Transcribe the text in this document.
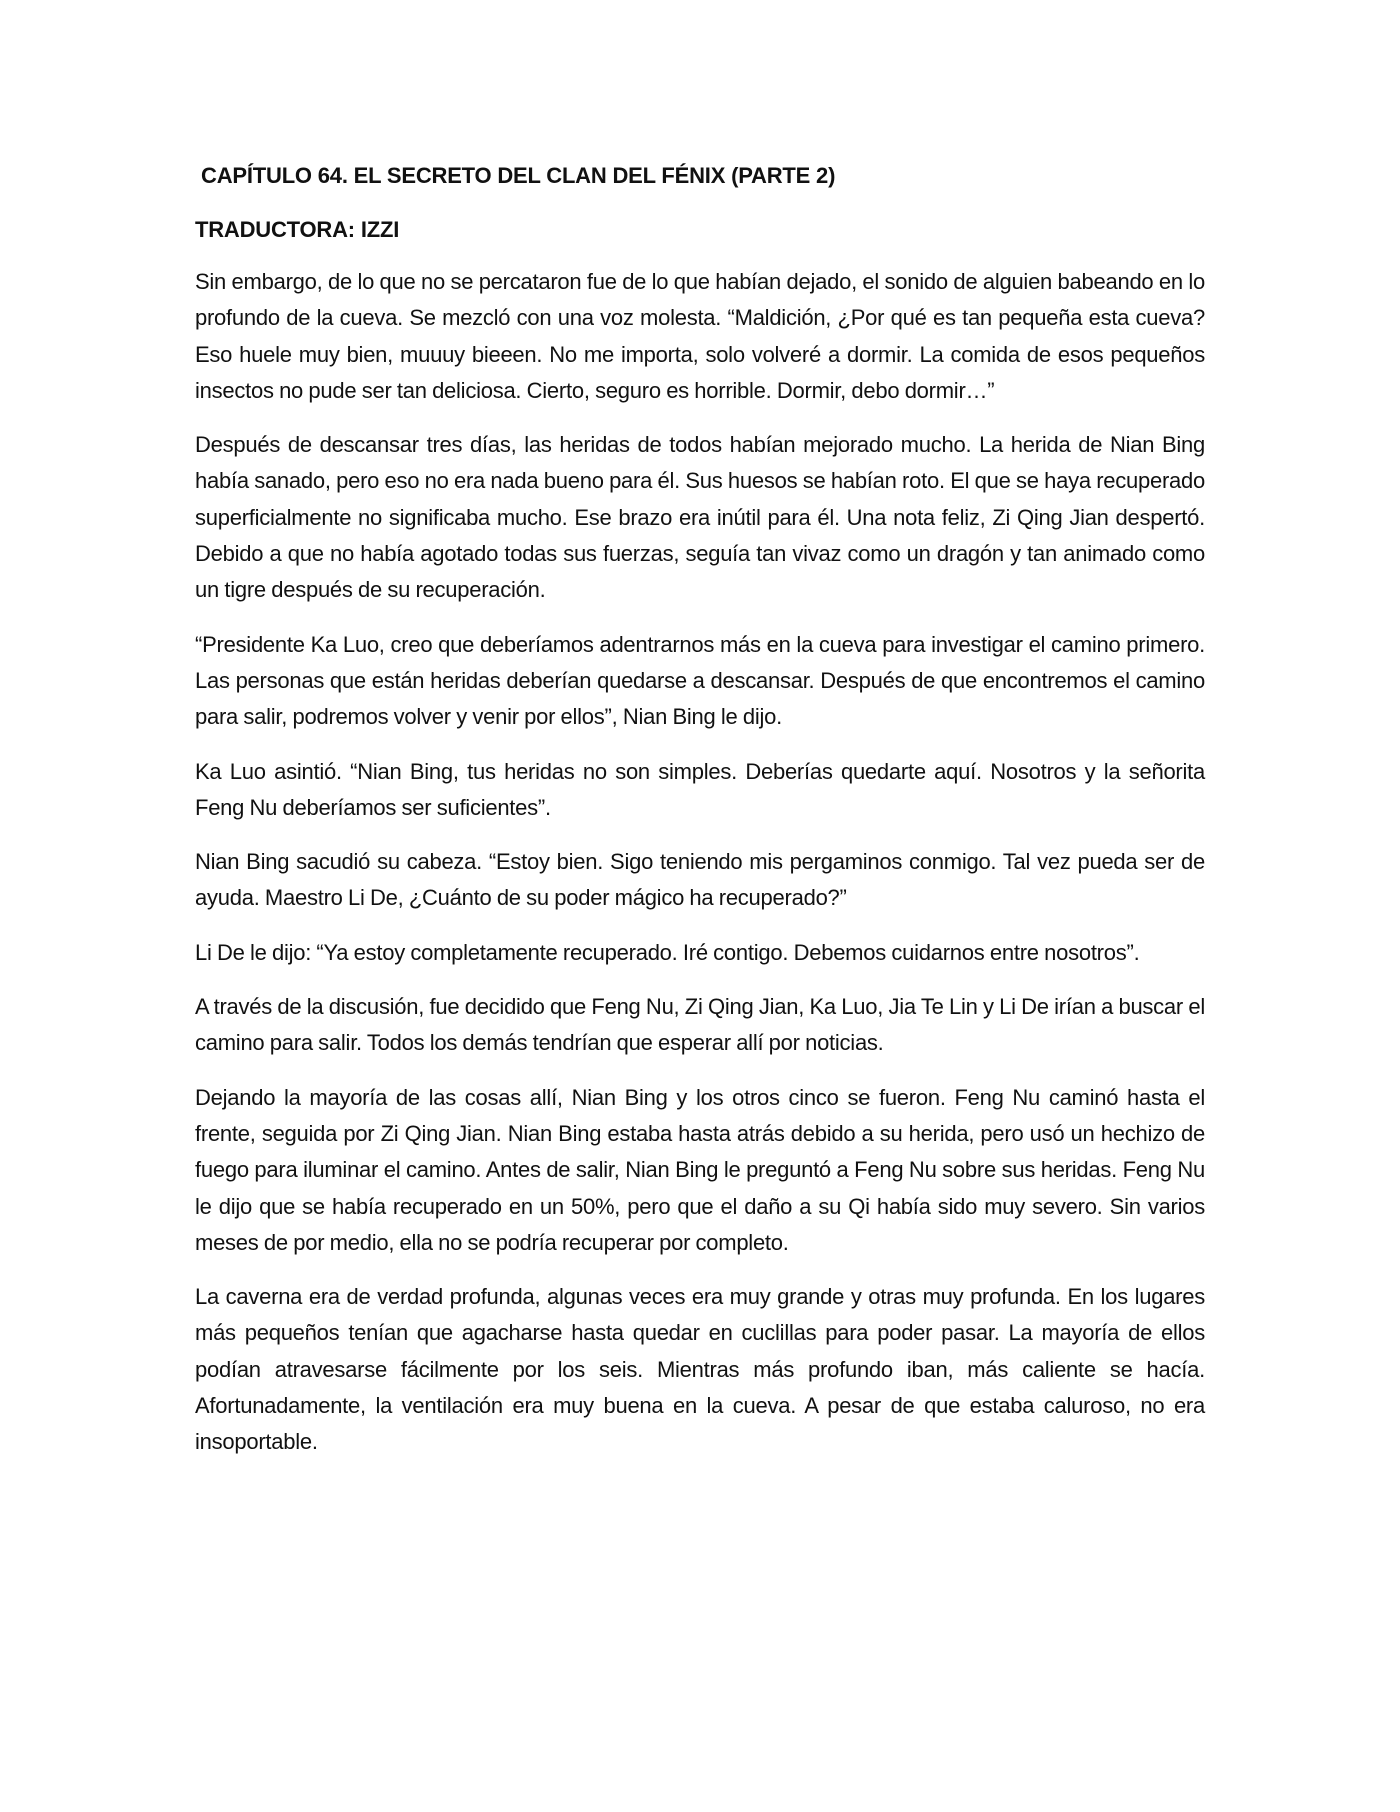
CAPÍTULO 64. EL SECRETO DEL CLAN DEL FÉNIX (PARTE 2)
TRADUCTORA: IZZI

Sin embargo, de lo que no se percataron fue de lo que habían dejado, el sonido de alguien babeando en lo profundo de la cueva. Se mezcló con una voz molesta. “Maldición, ¿Por qué es tan pequeña esta cueva? Eso huele muy bien, muuuy bieeen. No me importa, solo volveré a dormir. La comida de esos pequeños insectos no pude ser tan deliciosa. Cierto, seguro es horrible. Dormir, debo dormir…”

Después de descansar tres días, las heridas de todos habían mejorado mucho. La herida de Nian Bing había sanado, pero eso no era nada bueno para él. Sus huesos se habían roto. El que se haya recuperado superficialmente no significaba mucho. Ese brazo era inútil para él. Una nota feliz, Zi Qing Jian despertó. Debido a que no había agotado todas sus fuerzas, seguía tan vivaz como un dragón y tan animado como un tigre después de su recuperación.

“Presidente Ka Luo, creo que deberíamos adentrarnos más en la cueva para investigar el camino primero. Las personas que están heridas deberían quedarse a descansar. Después de que encontremos el camino para salir, podremos volver y venir por ellos”, Nian Bing le dijo.

Ka Luo asintió. “Nian Bing, tus heridas no son simples. Deberías quedarte aquí. Nosotros y la señorita Feng Nu deberíamos ser suficientes”.

Nian Bing sacudió su cabeza. “Estoy bien. Sigo teniendo mis pergaminos conmigo. Tal vez pueda ser de ayuda. Maestro Li De, ¿Cuánto de su poder mágico ha recuperado?”

Li De le dijo: “Ya estoy completamente recuperado. Iré contigo. Debemos cuidarnos entre nosotros”.

A través de la discusión, fue decidido que Feng Nu, Zi Qing Jian, Ka Luo, Jia Te Lin y Li De irían a buscar el camino para salir. Todos los demás tendrían que esperar allí por noticias.

Dejando la mayoría de las cosas allí, Nian Bing y los otros cinco se fueron. Feng Nu caminó hasta el frente, seguida por Zi Qing Jian. Nian Bing estaba hasta atrás debido a su herida, pero usó un hechizo de fuego para iluminar el camino. Antes de salir, Nian Bing le preguntó a Feng Nu sobre sus heridas. Feng Nu le dijo que se había recuperado en un 50%, pero que el daño a su Qi había sido muy severo. Sin varios meses de por medio, ella no se podría recuperar por completo.

La caverna era de verdad profunda, algunas veces era muy grande y otras muy profunda. En los lugares más pequeños tenían que agacharse hasta quedar en cuclillas para poder pasar. La mayoría de ellos podían atravesarse fácilmente por los seis. Mientras más profundo iban, más caliente se hacía. Afortunadamente, la ventilación era muy buena en la cueva. A pesar de que estaba caluroso, no era insoportable.
